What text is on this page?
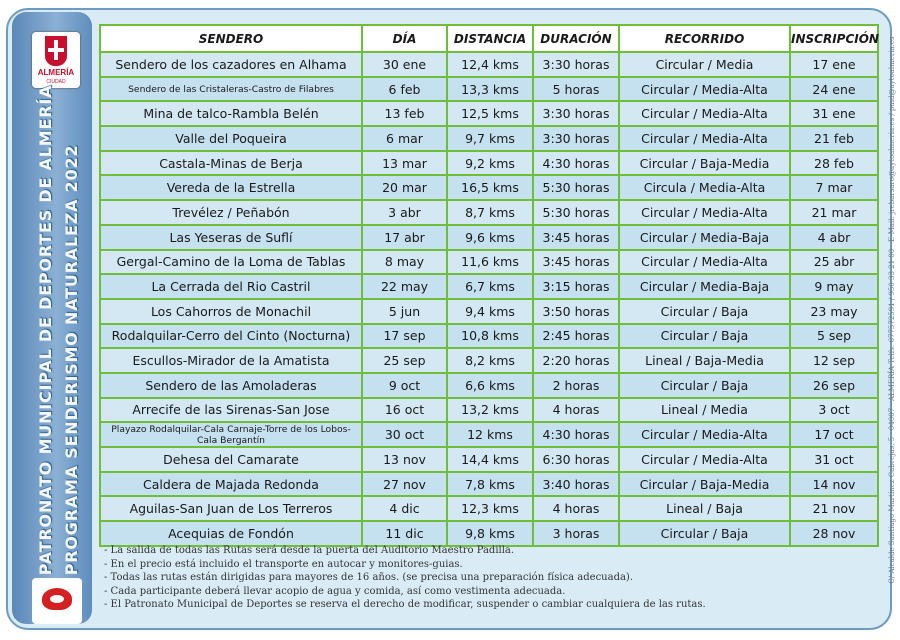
ALMERÍA
CIUDAD
PATRONATO MUNICIPAL DE DEPORTES DE ALMERÍA PROGRAMA SENDERISMO NATURALEZA 2022
SENDERO	DÍA	DISTANCIA	DURACIÓN	RECORRIDO	INSCRIPCIÓN
Sendero de los cazadores en Alhama	30 ene	12,4 kms	3:30 horas	Circular / Media	17 ene
Sendero de las Cristaleras-Castro de Filabres	6 feb	13,3 kms	5 horas	Circular / Media-Alta	24 ene
Mina de talco-Rambla Belén	13 feb	12,5 kms	3:30 horas	Circular / Media-Alta	31 ene
Valle del Poqueira	6 mar	9,7 kms	3:30 horas	Circular / Media-Alta	21 feb
Castala-Minas de Berja	13 mar	9,2 kms	4:30 horas	Circular / Baja-Media	28 feb
Vereda de la Estrella	20 mar	16,5 kms	5:30 horas	Circula / Media-Alta	7 mar
Trevélez / Peñabón	3 abr	8,7 kms	5:30 horas	Circular / Media-Alta	21 mar
Las Yeseras de Suflí	17 abr	9,6 kms	3:45 horas	Circular / Media-Baja	4 abr
Gergal-Camino de la Loma de Tablas	8 may	11,6 kms	3:45 horas	Circular / Media-Alta	25 abr
La Cerrada del Rio Castril	22 may	6,7 kms	3:15 horas	Circular / Media-Baja	9 may
Los Cahorros de Monachil	5 jun	9,4 kms	3:50 horas	Circular / Baja	23 may
Rodalquilar-Cerro del Cinto (Nocturna)	17 sep	10,8 kms	2:45 horas	Circular / Baja	5 sep
Escullos-Mirador de la Amatista	25 sep	8,2 kms	2:20 horas	Lineal / Baja-Media	12 sep
Sendero de las Amoladeras	9 oct	6,6 kms	2 horas	Circular / Baja	26 sep
Arrecife de las Sirenas-San Jose	16 oct	13,2 kms	4 horas	Lineal / Media	3 oct
Playazo Rodalquilar-Cala Carnaje-Torre de los Lobos-Cala Bergantín	30 oct	12 kms	4:30 horas	Circular / Media-Alta	17 oct
Dehesa del Camarate	13 nov	14,4 kms	6:30 horas	Circular / Media-Alta	31 oct
Caldera de Majada Redonda	27 nov	7,8 kms	3:40 horas	Circular / Baja-Media	14 nov
Aguilas-San Juan de Los Terreros	4 dic	12,3 kms	4 horas	Lineal / Baja	21 nov
Acequias de Fondón	11 dic	9,8 kms	3 horas	Circular / Baja	28 nov
- La salida de todas las Rutas será desde la puerta del Auditorio Maestro Padilla.
- En el precio está incluido el transporte en autocar y monitores-guias.
- Todas las rutas están dirigidas para mayores de 16 años. (se precisa una preparación física adecuada).
- Cada participante deberá llevar acopio de agua y comida, así como vestimenta adecuada.
- El Patronato Municipal de Deportes se reserva el derecho de modificar, suspender o cambiar cualquiera de las rutas.
C/ Alcalde Santiago Martínez Cabrejas, 5 - 04007 - ALMERÍA Telfs: 677572591 / 950 33 21 00 - E-Mail: jrebarsaro@aytoalmeria.es / pmd@aytoalmeria.es
